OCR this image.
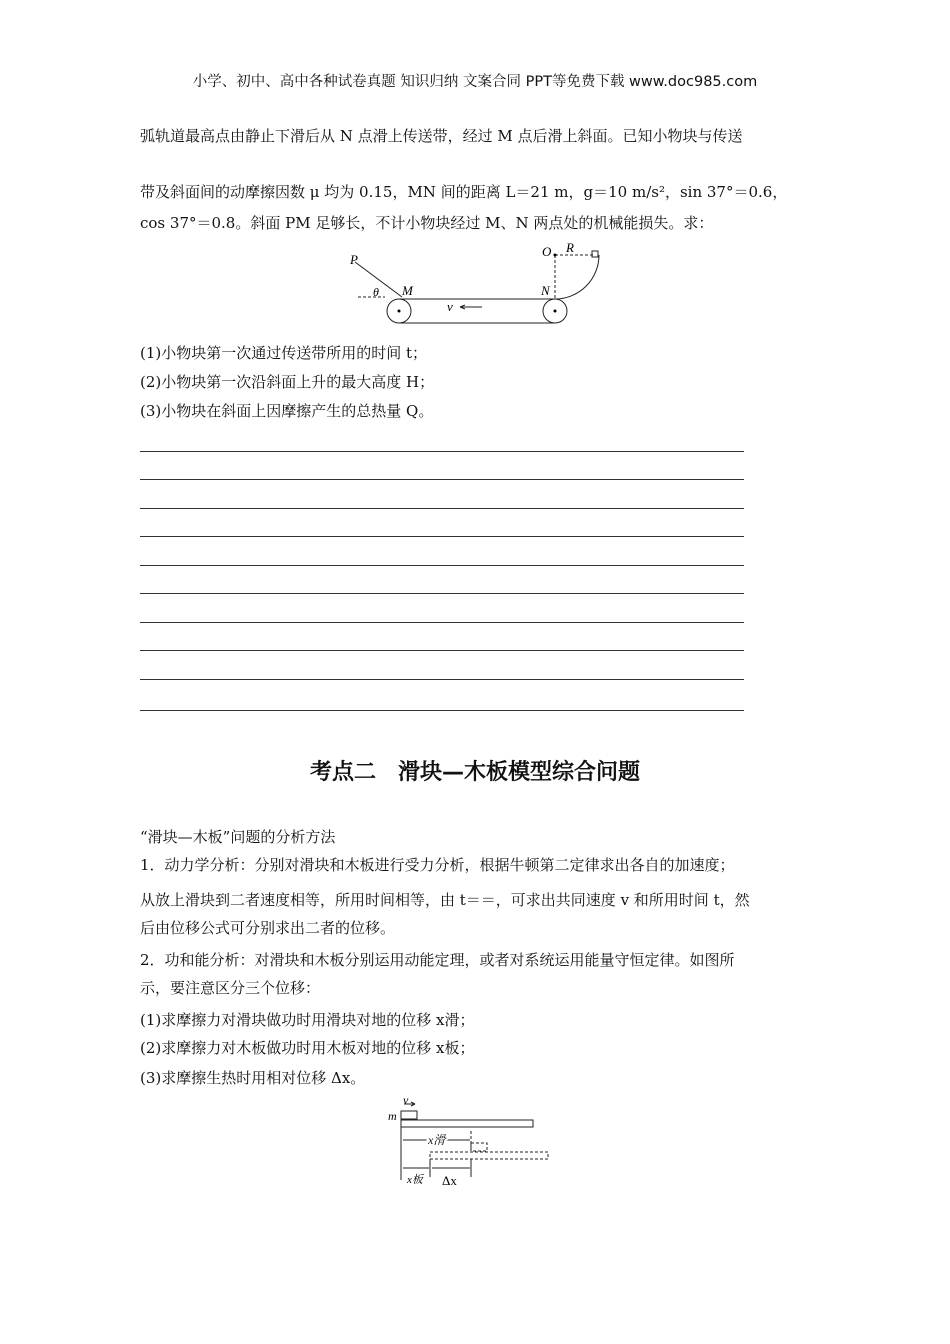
小学、初中、高中各种试卷真题 知识归纳 文案合同 PPT等免费下载 www.doc985.com
弧轨道最高点由静止下滑后从 N 点滑上传送带，经过 M 点后滑上斜面。已知小物块与传送
带及斜面间的动摩擦因数 μ 均为 0.15，MN 间的距离 L＝21 m，g＝10 m/s²，sin 37°＝0.6，
cos 37°＝0.8。斜面 PM 足够长，不计小物块经过 M、N 两点处的机械能损失。求：
P
θ M	N
O R
v
(1)小物块第一次通过传送带所用的时间 t；
(2)小物块第一次沿斜面上升的最大高度 H；
(3)小物块在斜面上因摩擦产生的总热量 Q。
考点二　滑块—木板模型综合问题
“滑块—木板”问题的分析方法
1．动力学分析：分别对滑块和木板进行受力分析，根据牛顿第二定律求出各自的加速度；
从放上滑块到二者速度相等，所用时间相等，由 t＝＝，可求出共同速度 v 和所用时间 t，然
后由位移公式可分别求出二者的位移。
2．功和能分析：对滑块和木板分别运用动能定理，或者对系统运用能量守恒定律。如图所
示，要注意区分三个位移：
(1)求摩擦力对滑块做功时用滑块对地的位移 x滑；
(2)求摩擦力对木板做功时用木板对地的位移 x板；
(3)求摩擦生热时用相对位移 Δx。
v
m
x滑
x板 Δx
